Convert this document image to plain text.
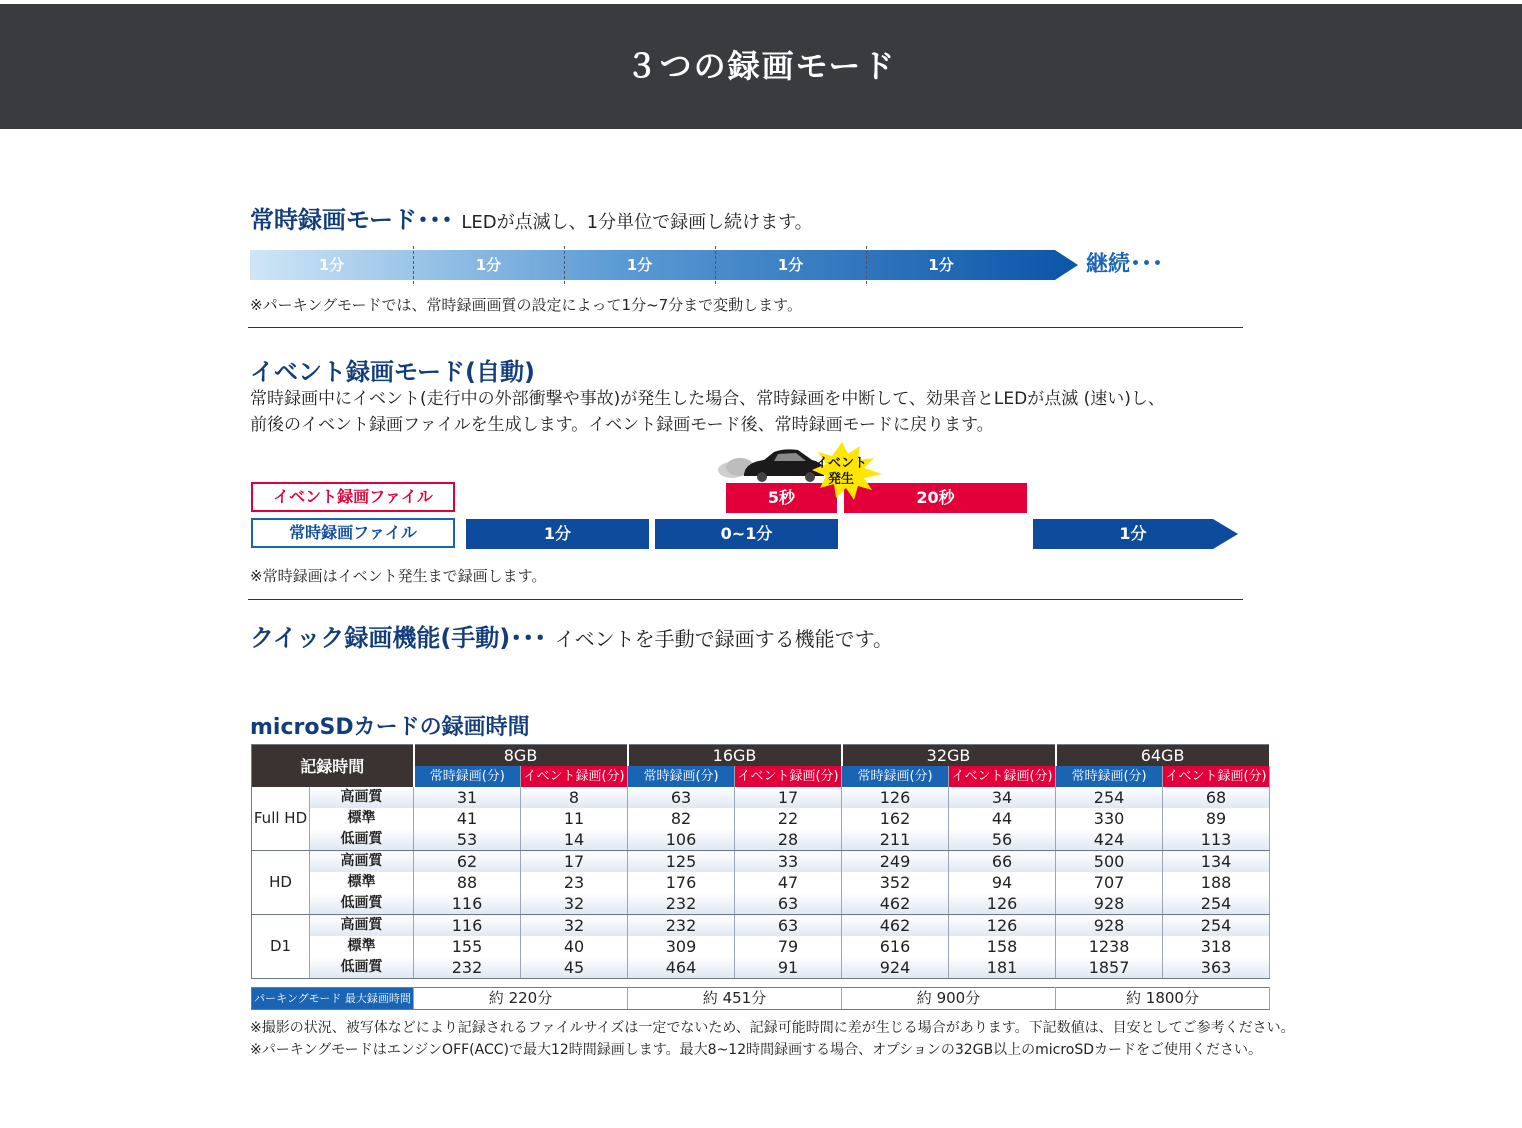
３つの録画モード
常時録画モード･･･ LEDが点滅し、1分単位で録画し続けます。
1分	1分	1分	1分	1分	継続･･･
※パーキングモードでは、常時録画画質の設定によって1分~7分まで変動します。
イベント録画モード(自動)
常時録画中にイベント(走行中の外部衝撃や事故)が発生した場合、常時録画を中断して、効果音とLEDが点滅 (速い)し、
前後のイベント録画ファイルを生成します。イベント録画モード後、常時録画モードに戻ります。
イベント録画ファイル
常時録画ファイル
5秒	20秒
1分	0~1分	1分
イベント
発生
※常時録画はイベント発生まで録画します。
クイック録画機能(手動)･･･ イベントを手動で録画する機能です。
microSDカードの録画時間
記録時間		8GB		16GB		32GB		64GB	
		常時録画(分)	イベント録画(分)	常時録画(分)	イベント録画(分)	常時録画(分)	イベント録画(分)	常時録画(分)	イベント録画(分)
Full HD	高画質	31	8	63	17	126	34	254	68
	標準	41	11	82	22	162	44	330	89
	低画質	53	14	106	28	211	56	424	113
HD	高画質	62	17	125	33	249	66	500	134
	標準	88	23	176	47	352	94	707	188
	低画質	116	32	232	63	462	126	928	254
D1	高画質	116	32	232	63	462	126	928	254
	標準	155	40	309	79	616	158	1238	318
	低画質	232	45	464	91	924	181	1857	363
パーキングモード 最大録画時間	約 220分	約 451分	約 900分	約 1800分
※撮影の状況、被写体などにより記録されるファイルサイズは一定でないため、記録可能時間に差が生じる場合があります。下記数値は、目安としてご参考ください。
※パーキングモードはエンジンOFF(ACC)で最大12時間録画します。最大8~12時間録画する場合、オプションの32GB以上のmicroSDカードをご使用ください。
